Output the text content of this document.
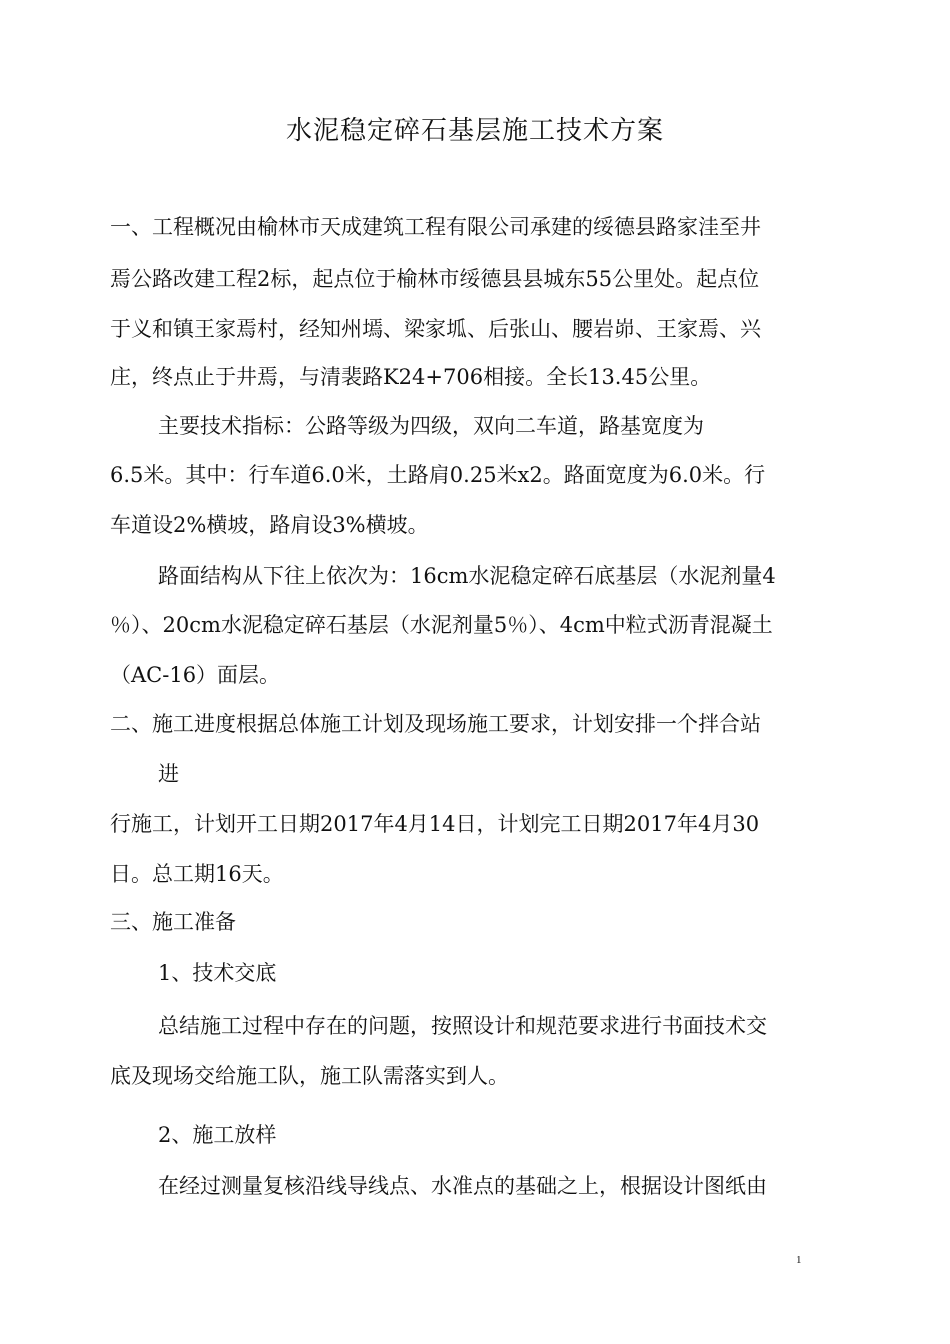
水泥稳定碎石基层施工技术方案
一、工程概况由榆林市天成建筑工程有限公司承建的绥德县路家洼至井
焉公路改建工程2标，起点位于榆林市绥德县县城东55公里处。起点位
于义和镇王家焉村，经知州墕、梁家坬、后张山、腰岩峁、王家焉、兴
庄，终点止于井焉，与清裴路K24+706相接。全长13.45公里。
主要技术指标：公路等级为四级，双向二车道，路基宽度为
6.5米。其中：行车道6.0米，土路肩0.25米x2。路面宽度为6.0米。行
车道设2%横坡，路肩设3%横坡。
路面结构从下往上依次为：16cm水泥稳定碎石底基层（水泥剂量4
％）、20cm水泥稳定碎石基层（水泥剂量5％）、4cm中粒式沥青混凝土
（AC-16）面层。
二、施工进度根据总体施工计划及现场施工要求，计划安排一个拌合站
进
行施工，计划开工日期2017年4月14日，计划完工日期2017年4月30
日。总工期16天。
三、施工准备
1、技术交底
总结施工过程中存在的问题，按照设计和规范要求进行书面技术交
底及现场交给施工队，施工队需落实到人。
2、施工放样
在经过测量复核沿线导线点、水准点的基础之上，根据设计图纸由
1
